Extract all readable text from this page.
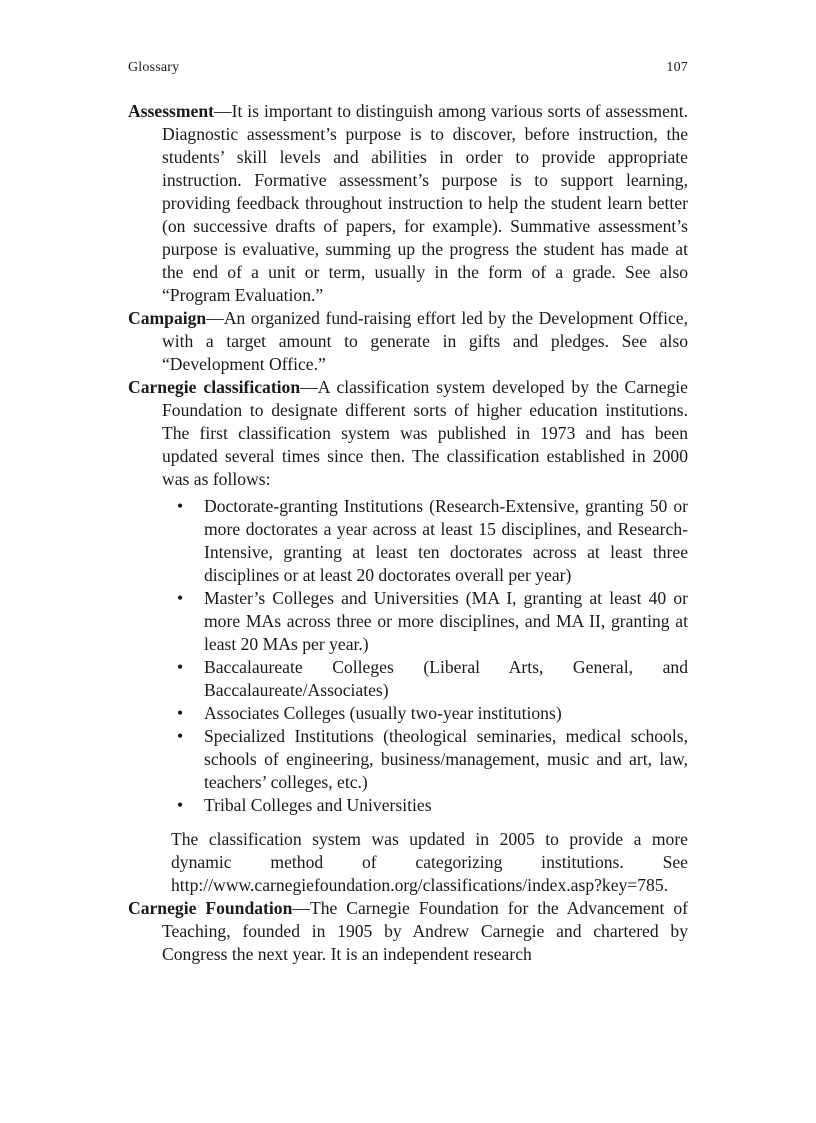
Glossary	107

Assessment—It is important to distinguish among various sorts of assessment. Diagnostic assessment’s purpose is to discover, before instruction, the students’ skill levels and abilities in order to provide appropriate instruction. Formative assessment’s purpose is to support learning, providing feedback throughout instruction to help the student learn better (on successive drafts of papers, for example). Summative assessment’s purpose is evaluative, summing up the progress the student has made at the end of a unit or term, usually in the form of a grade. See also “Program Evaluation.”

Campaign—An organized fund-raising effort led by the Development Office, with a target amount to generate in gifts and pledges. See also “Development Office.”

Carnegie classification—A classification system developed by the Carnegie Foundation to designate different sorts of higher education institutions. The first classification system was published in 1973 and has been updated several times since then. The classification established in 2000 was as follows:

• Doctorate-granting Institutions (Research-Extensive, granting 50 or more doctorates a year across at least 15 disciplines, and Research-Intensive, granting at least ten doctorates across at least three disciplines or at least 20 doctorates overall per year)
• Master’s Colleges and Universities (MA I, granting at least 40 or more MAs across three or more disciplines, and MA II, granting at least 20 MAs per year.)
• Baccalaureate Colleges (Liberal Arts, General, and Baccalaureate/Associates)
• Associates Colleges (usually two-year institutions)
• Specialized Institutions (theological seminaries, medical schools, schools of engineering, business/management, music and art, law, teachers’ colleges, etc.)
• Tribal Colleges and Universities

The classification system was updated in 2005 to provide a more dynamic method of categorizing institutions. See http://www.carnegiefoundation.org/classifications/index.asp?key=785.

Carnegie Foundation—The Carnegie Foundation for the Advancement of Teaching, founded in 1905 by Andrew Carnegie and chartered by Congress the next year. It is an independent research
